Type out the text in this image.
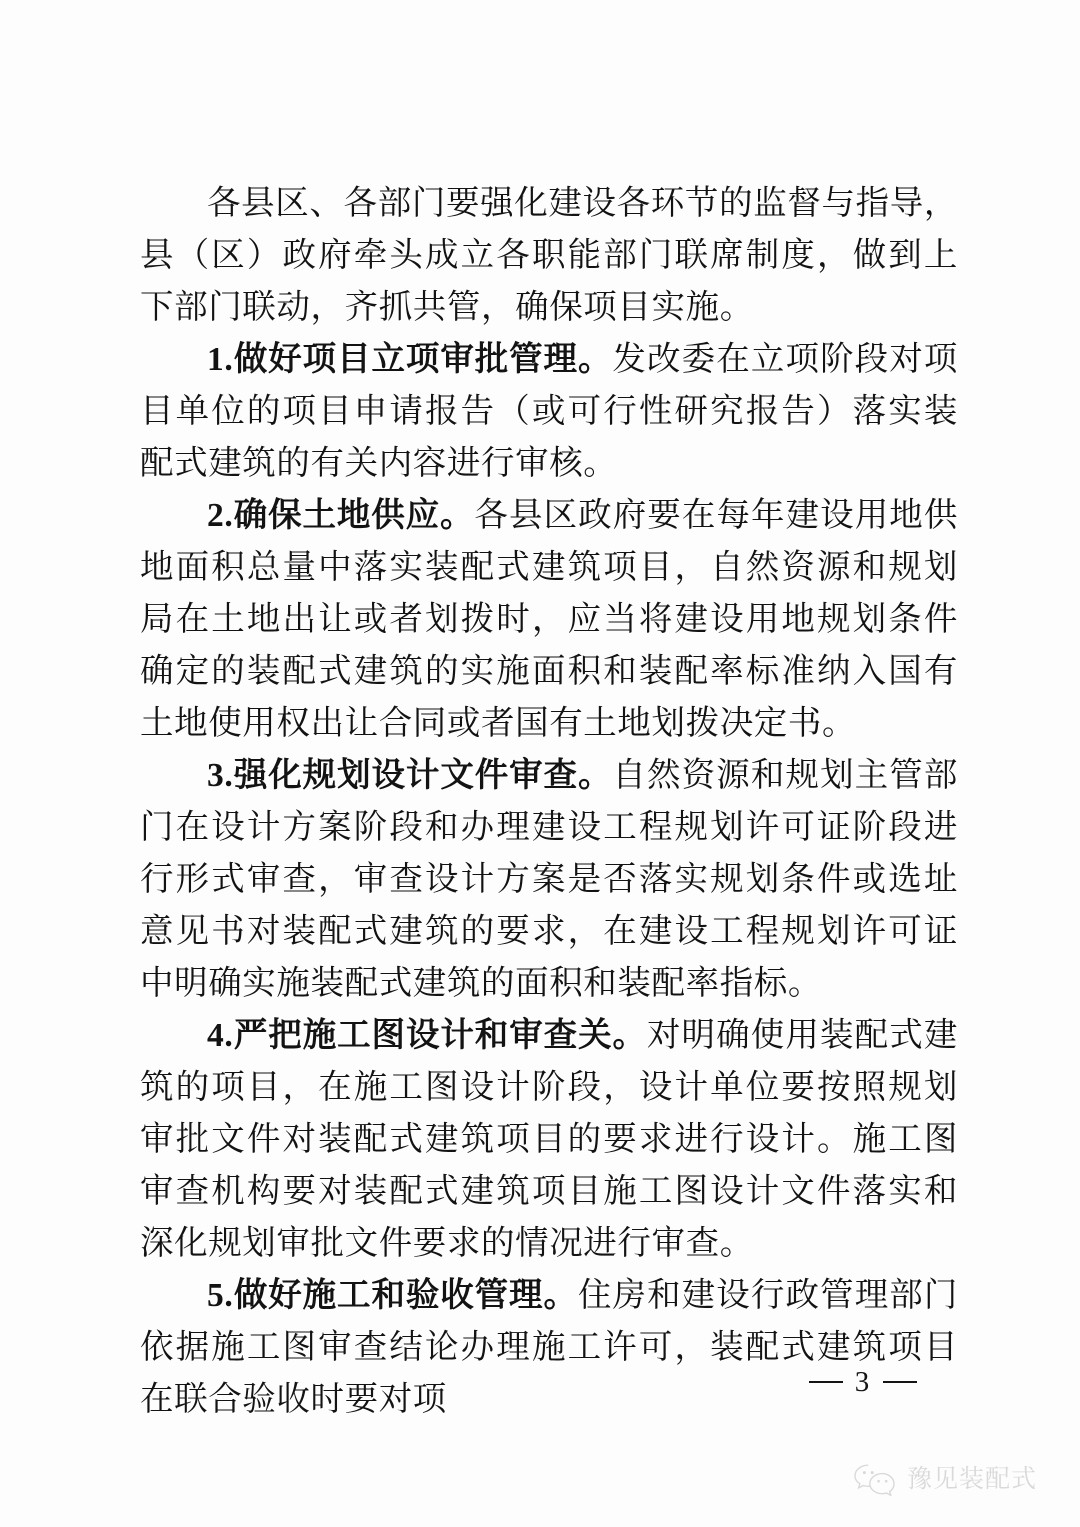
各县区、各部门要强化建设各环节的监督与指导，县（区）政府牵头成立各职能部门联席制度，做到上下部门联动，齐抓共管，确保项目实施。

1.做好项目立项审批管理。发改委在立项阶段对项目单位的项目申请报告（或可行性研究报告）落实装配式建筑的有关内容进行审核。

2.确保土地供应。各县区政府要在每年建设用地供地面积总量中落实装配式建筑项目，自然资源和规划局在土地出让或者划拨时，应当将建设用地规划条件确定的装配式建筑的实施面积和装配率标准纳入国有土地使用权出让合同或者国有土地划拨决定书。

3.强化规划设计文件审查。自然资源和规划主管部门在设计方案阶段和办理建设工程规划许可证阶段进行形式审查，审查设计方案是否落实规划条件或选址意见书对装配式建筑的要求，在建设工程规划许可证中明确实施装配式建筑的面积和装配率指标。

4.严把施工图设计和审查关。对明确使用装配式建筑的项目，在施工图设计阶段，设计单位要按照规划审批文件对装配式建筑项目的要求进行设计。施工图审查机构要对装配式建筑项目施工图设计文件落实和深化规划审批文件要求的情况进行审查。

5.做好施工和验收管理。住房和建设行政管理部门依据施工图审查结论办理施工许可，装配式建筑项目在联合验收时要对项	3
豫见装配式
